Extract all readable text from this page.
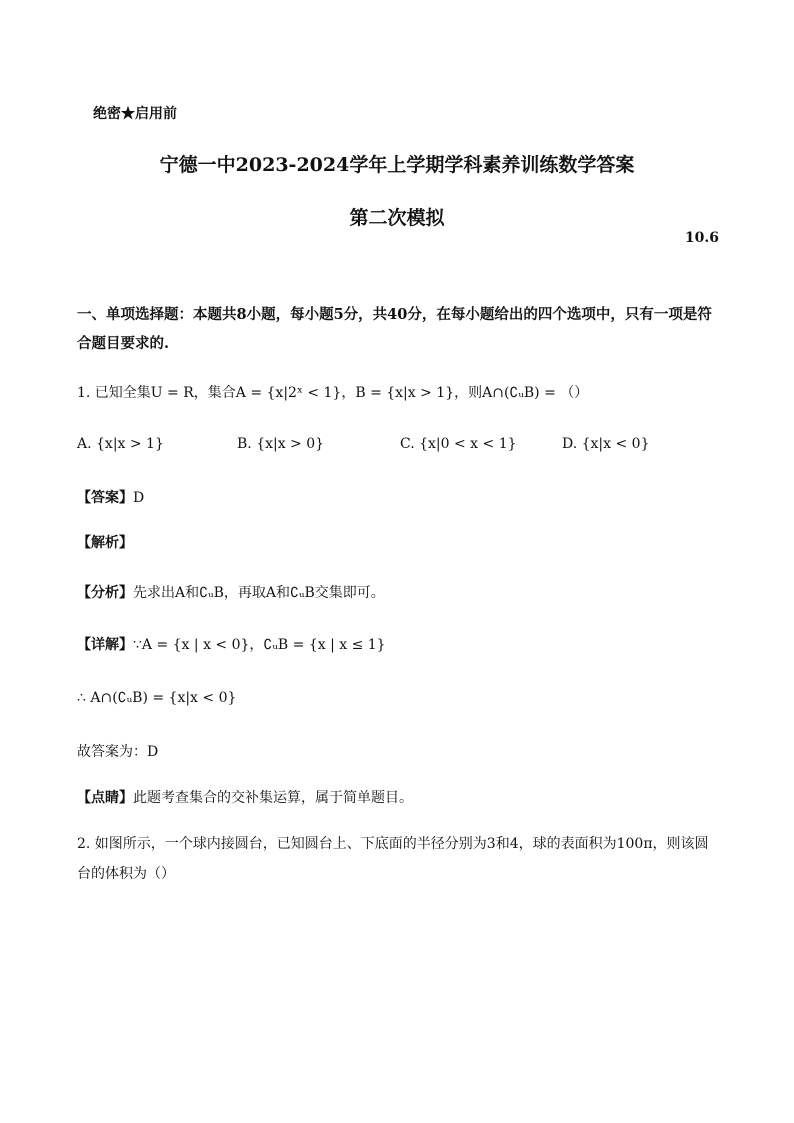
绝密★启用前
宁德一中2023-2024学年上学期学科素养训练数学答案
第二次模拟
10.6
一、单项选择题：本题共8小题，每小题5分，共40分，在每小题给出的四个选项中，只有一项是符合题目要求的.
1. 已知全集U = R，集合A = {x|2ˣ < 1}，B = {x|x > 1}，则A∩(∁ᵤB) = （）
A. {x|x > 1}	B. {x|x > 0}	C. {x|0 < x < 1}	D. {x|x < 0}
【答案】D
【解析】
【分析】先求出A和∁ᵤB，再取A和∁ᵤB交集即可。
【详解】∵A = {x | x < 0}，∁ᵤB = {x | x ≤ 1}
∴ A∩(∁ᵤB) = {x|x < 0}
故答案为：D
【点睛】此题考查集合的交补集运算，属于简单题目。
2. 如图所示，一个球内接圆台，已知圆台上、下底面的半径分别为3和4，球的表面积为100π，则该圆台的体积为（）
